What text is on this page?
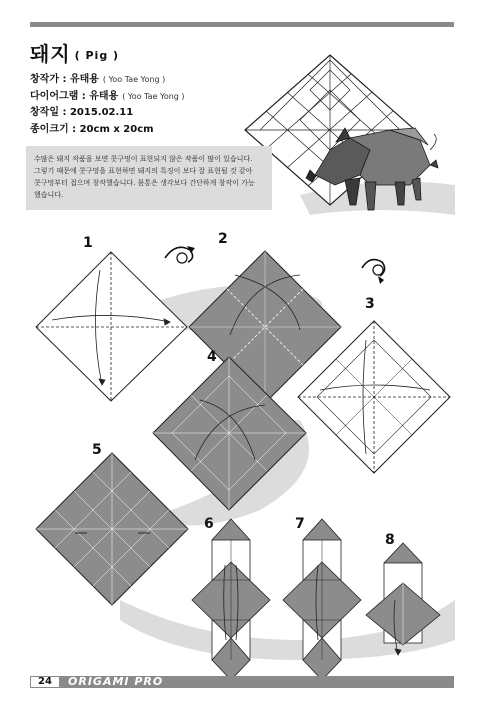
돼지 ( Pig )
창작가 : 유태용 ( Yoo Tae Yong )
다이어그램 : 유태용 ( Yoo Tae Yong )
창작일 : 2015.02.11
종이크기 : 20cm x 20cm
수많은 돼지 작품을 보면 콧구멍이 표현되지 않은 작품이 많이 있습니다.
그렇기 때문에 콧구멍을 표현하면 돼지의 특징이 보다 잘 표현될 것 같아
콧구멍부터 접으며 창작했습니다. 몸통은 생각보다 간단하게 창작이 가능
했습니다.
1	2
3
4
5
6	7
8
24	ORIGAMI PRO
